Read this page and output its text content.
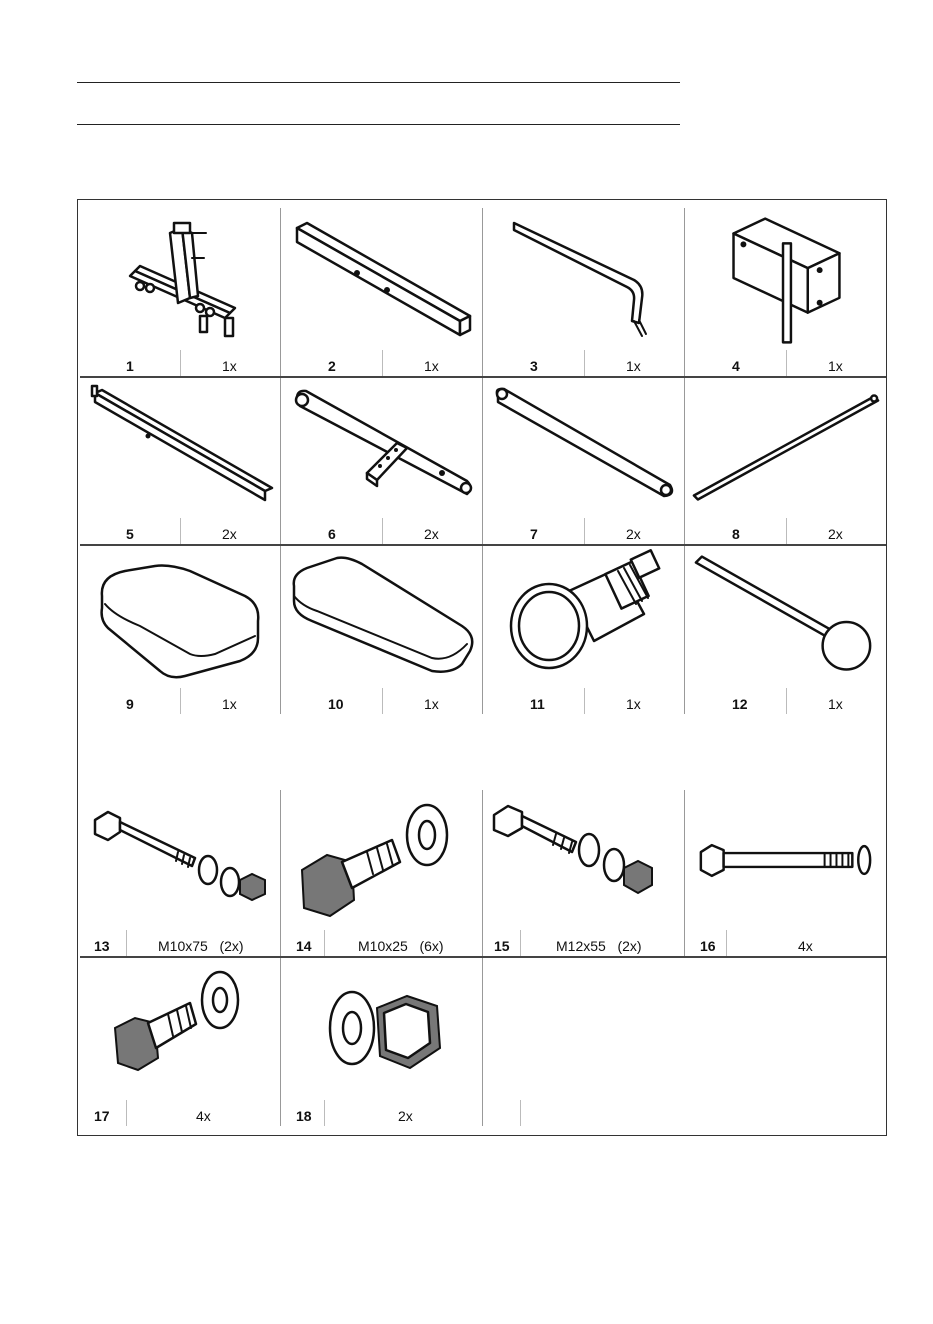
1	1x	2	1x	3	1x	4	1x
5	2x	6	2x	7	2x	8	2x
9	1x	10	1x	11	1x	12	1x
13	M10x75   (2x)	14	M10x25   (6x)	15	M12x55   (2x)	16	4x
17	4x	18	2x
